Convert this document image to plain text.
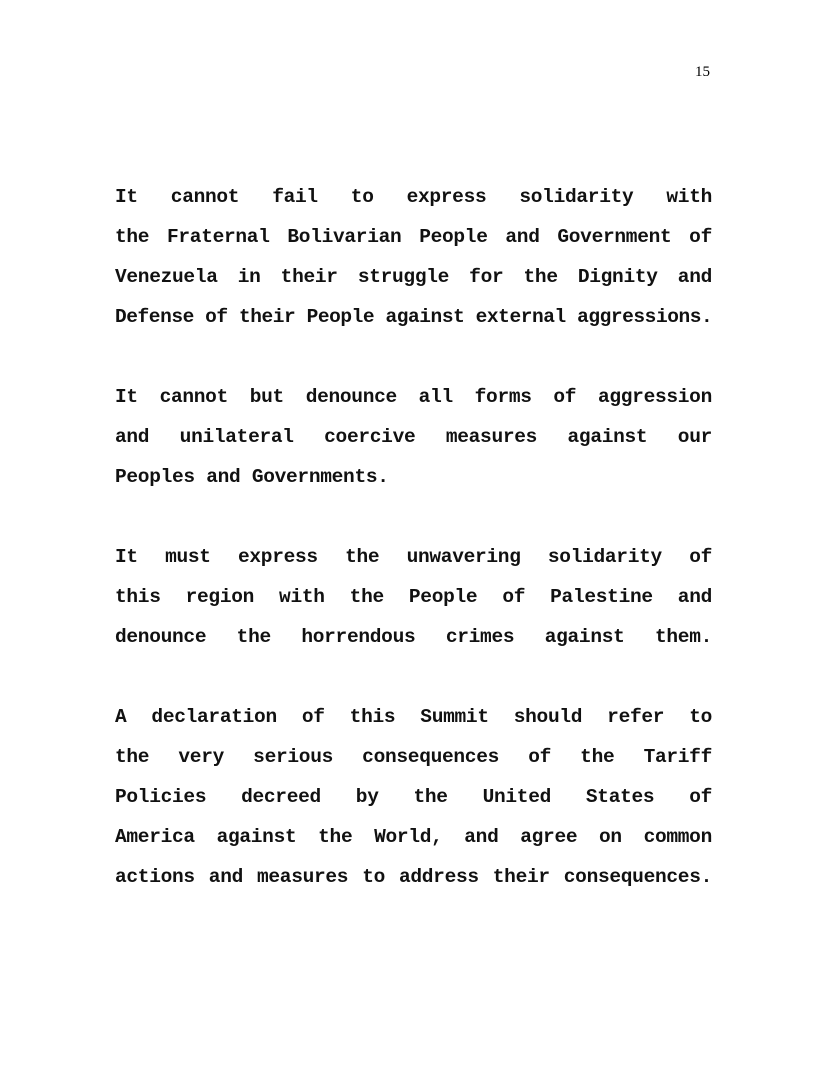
15

It cannot fail to express solidarity with
the Fraternal Bolivarian People and Government of
Venezuela in their struggle for the Dignity and
Defense of their People against external aggressions.

It cannot but denounce all forms of aggression
and unilateral coercive measures against our
Peoples and Governments.

It must express the unwavering solidarity of
this region with the People of Palestine and
denounce the horrendous crimes against them.

A declaration of this Summit should refer to
the very serious consequences of the Tariff
Policies decreed by the United States of
America against the World, and agree on common
actions and measures to address their consequences.
